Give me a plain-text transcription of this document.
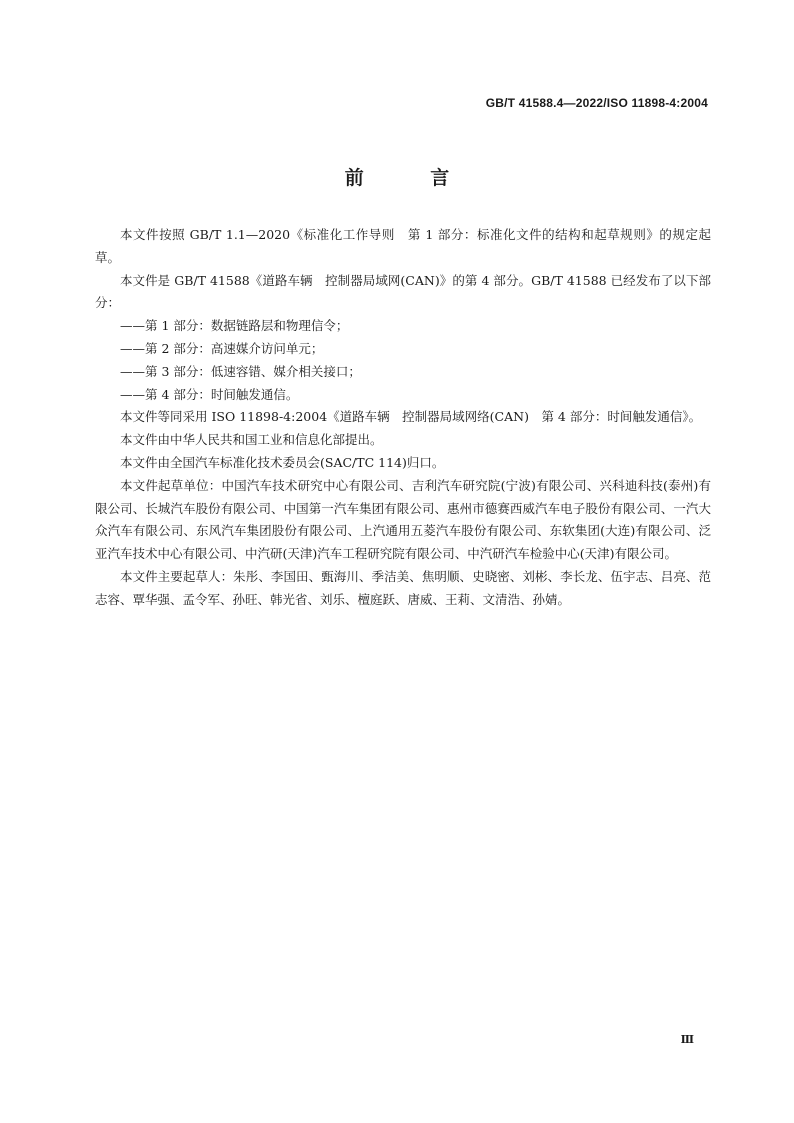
GB/T 41588.4—2022/ISO 11898-4:2004
前 言

本文件按照 GB/T 1.1—2020《标准化工作导则　第 1 部分：标准化文件的结构和起草规则》的规定起草。

本文件是 GB/T 41588《道路车辆　控制器局域网(CAN)》的第 4 部分。GB/T 41588 已经发布了以下部分：

——第 1 部分：数据链路层和物理信令；

——第 2 部分：高速媒介访问单元；

——第 3 部分：低速容错、媒介相关接口；

——第 4 部分：时间触发通信。

本文件等同采用 ISO 11898-4:2004《道路车辆　控制器局域网络(CAN)　第 4 部分：时间触发通信》。

本文件由中华人民共和国工业和信息化部提出。

本文件由全国汽车标准化技术委员会(SAC/TC 114)归口。

本文件起草单位：中国汽车技术研究中心有限公司、吉利汽车研究院(宁波)有限公司、兴科迪科技(泰州)有限公司、长城汽车股份有限公司、中国第一汽车集团有限公司、惠州市德赛西威汽车电子股份有限公司、一汽大众汽车有限公司、东风汽车集团股份有限公司、上汽通用五菱汽车股份有限公司、东软集团(大连)有限公司、泛亚汽车技术中心有限公司、中汽研(天津)汽车工程研究院有限公司、中汽研汽车检验中心(天津)有限公司。

本文件主要起草人：朱彤、李国田、甄海川、季洁美、焦明顺、史晓密、刘彬、李长龙、伍宇志、吕亮、范志容、覃华强、孟令军、孙旺、韩光省、刘乐、檀庭跃、唐威、王莉、文清浩、孙婧。

Ⅲ
